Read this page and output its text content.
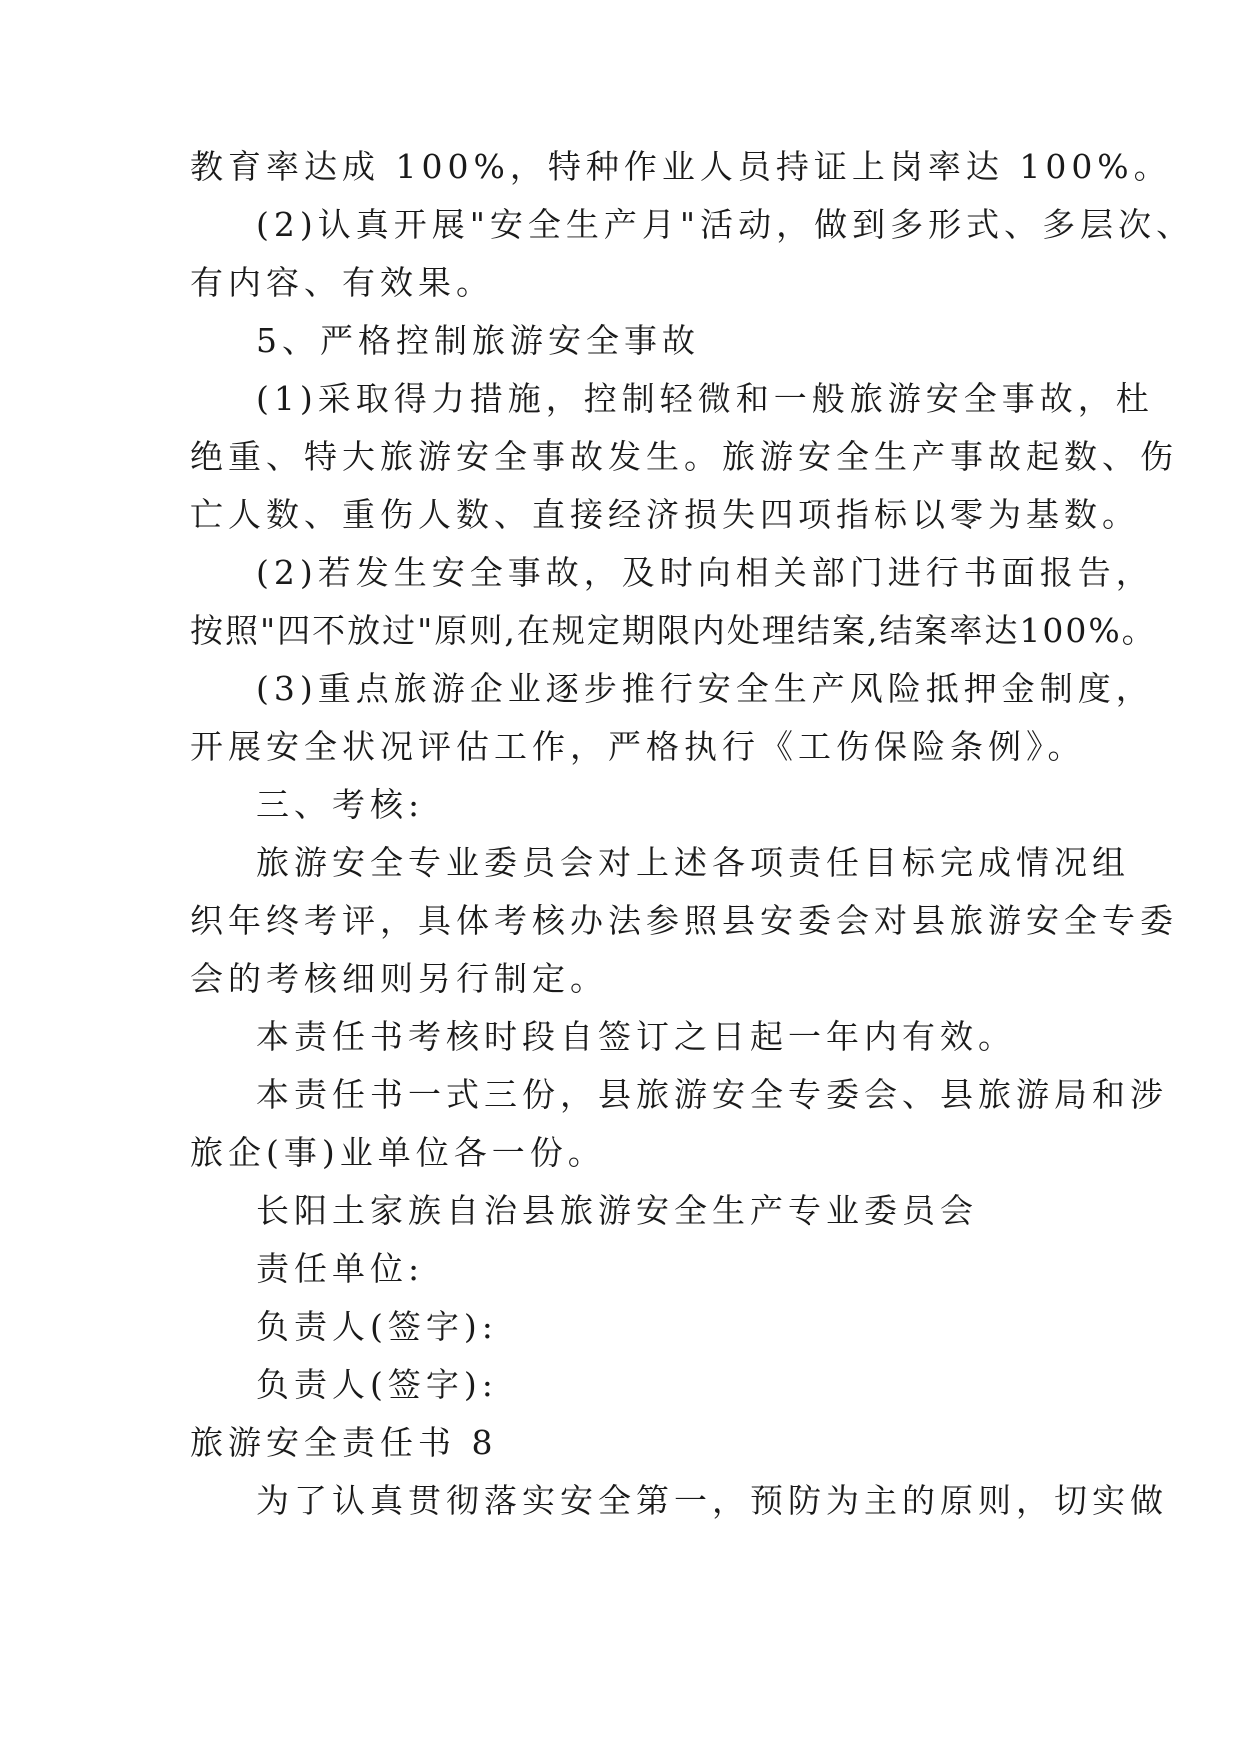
教育率达成 100%，特种作业人员持证上岗率达 100%。
(2)认真开展"安全生产月"活动，做到多形式、多层次、
有内容、有效果。
5、严格控制旅游安全事故
(1)采取得力措施，控制轻微和一般旅游安全事故，杜
绝重、特大旅游安全事故发生。旅游安全生产事故起数、伤
亡人数、重伤人数、直接经济损失四项指标以零为基数。
(2)若发生安全事故，及时向相关部门进行书面报告，
按照"四不放过"原则,在规定期限内处理结案,结案率达100%。
(3)重点旅游企业逐步推行安全生产风险抵押金制度，
开展安全状况评估工作，严格执行《工伤保险条例》。
三、考核:
旅游安全专业委员会对上述各项责任目标完成情况组
织年终考评，具体考核办法参照县安委会对县旅游安全专委
会的考核细则另行制定。
本责任书考核时段自签订之日起一年内有效。
本责任书一式三份，县旅游安全专委会、县旅游局和涉
旅企(事)业单位各一份。
长阳土家族自治县旅游安全生产专业委员会
责任单位:
负责人(签字):
负责人(签字):
旅游安全责任书 8
为了认真贯彻落实安全第一，预防为主的原则，切实做
